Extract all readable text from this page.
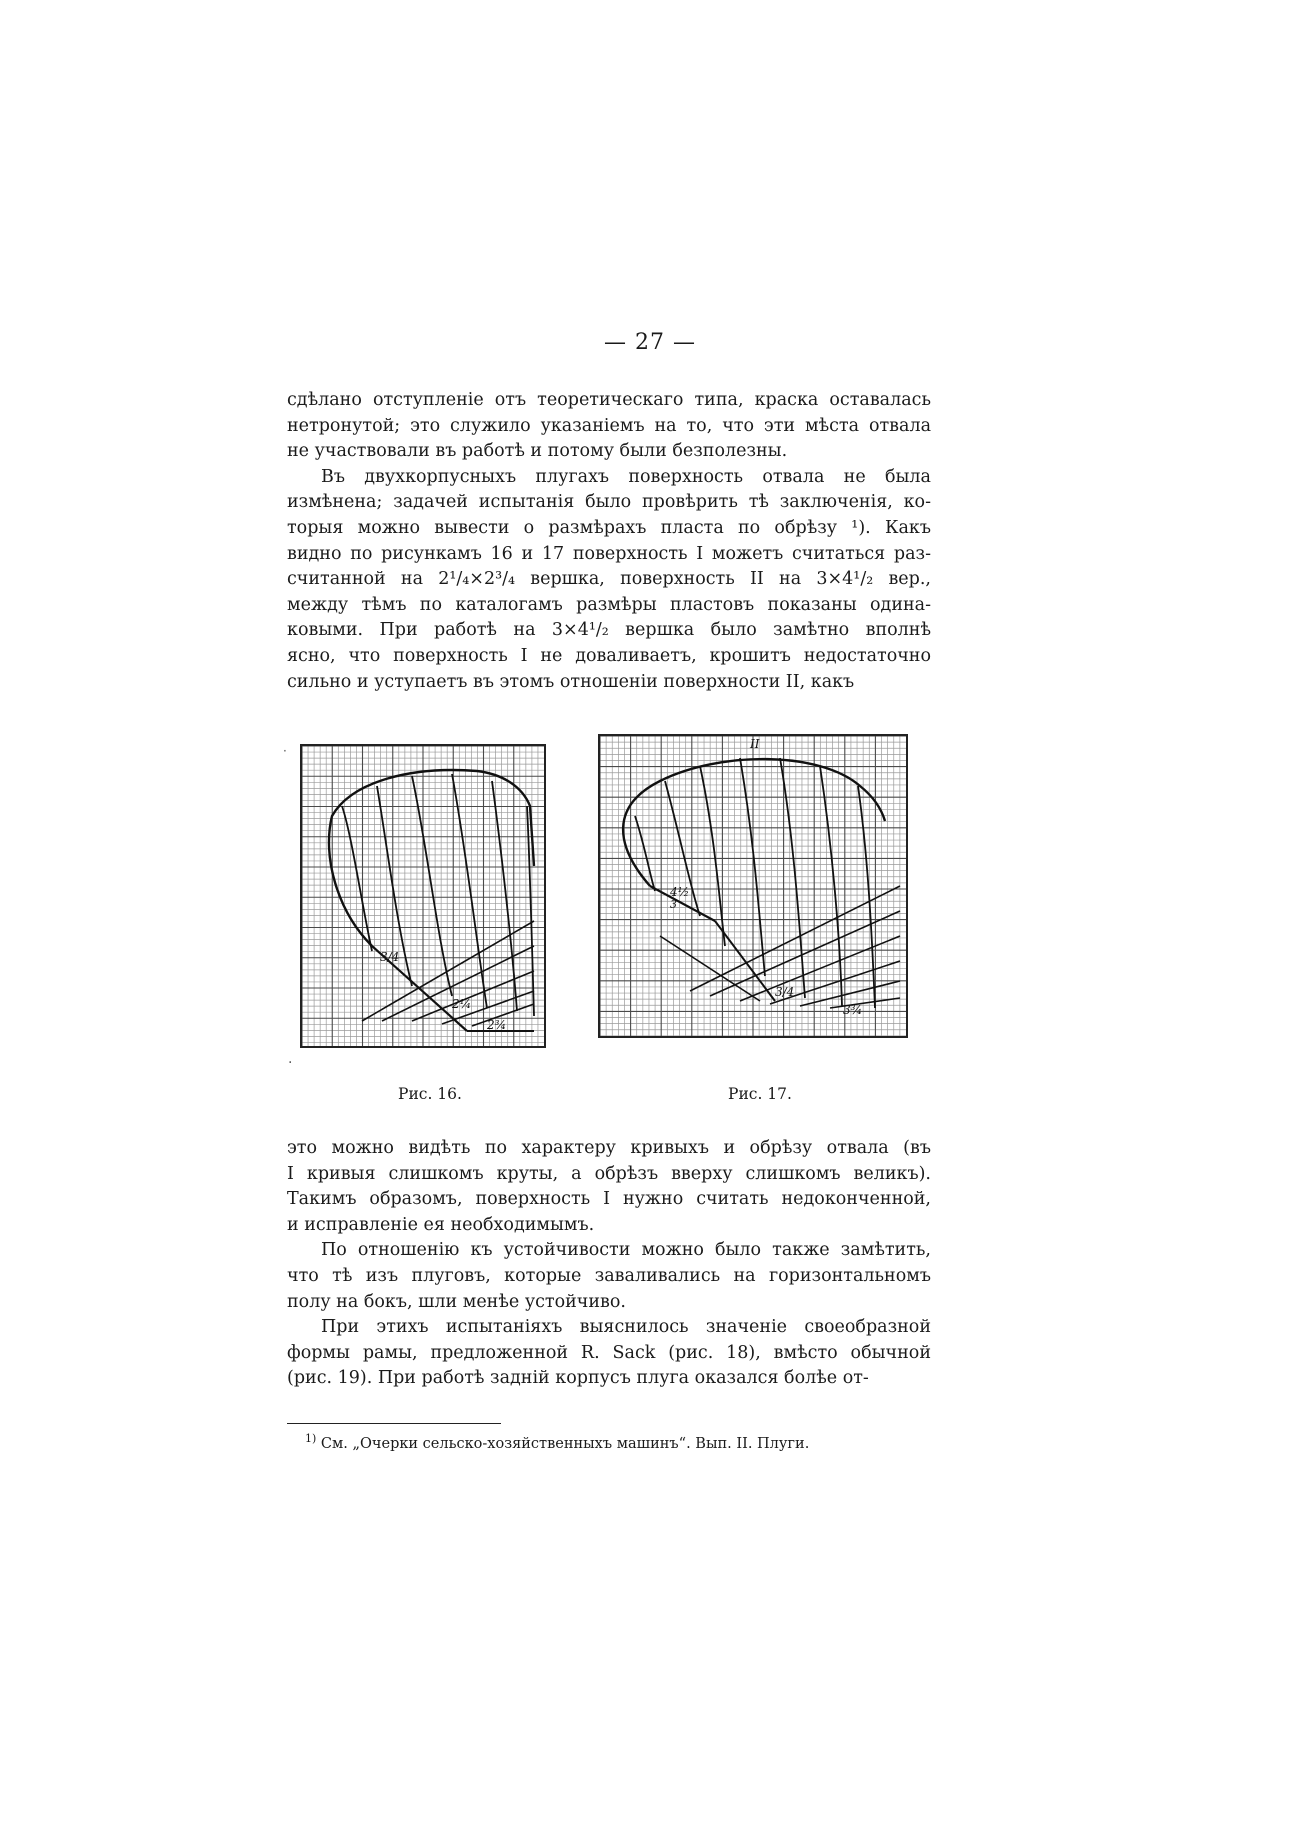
— 27 —

сдѣлано отступленіе отъ теоретическаго типа, краска оставалась

нетронутой; это служило указаніемъ на то, что эти мѣста отвала

не участвовали въ работѣ и потому были безполезны.

Въ двухкорпусныхъ плугахъ поверхность отвала не была

измѣнена; задачей испытанія было провѣрить тѣ заключенія, ко-

торыя можно вывести о размѣрахъ пласта по обрѣзу ¹). Какъ

видно по рисункамъ 16 и 17 поверхность I можетъ считаться раз-

считанной на 2¹/₄×2³/₄ вершка, поверхность II на 3×4¹/₂ вер.,

между тѣмъ по каталогамъ размѣры пластовъ показаны одина-

ковыми. При работѣ на 3×4¹/₂ вершка было замѣтно вполнѣ

ясно, что поверхность I не доваливаетъ, крошитъ недостаточно

сильно и уступаетъ въ этомъ отношеніи поверхности II, какъ

3/4
2¼
2¾
Рис. 16.
II
4½
3
3/4
3¾
Рис. 17.

это можно видѣть по характеру кривыхъ и обрѣзу отвала (въ

I кривыя слишкомъ круты, а обрѣзъ вверху слишкомъ великъ).

Такимъ образомъ, поверхность I нужно считать недоконченной,

и исправленіе ея необходимымъ.

По отношенію къ устойчивости можно было также замѣтить,

что тѣ изъ плуговъ, которые заваливались на горизонтальномъ

полу на бокъ, шли менѣе устойчиво.

При этихъ испытаніяхъ выяснилось значеніе своеобразной

формы рамы, предложенной R. Sack (рис. 18), вмѣсто обычной

(рис. 19). При работѣ задній корпусъ плуга оказался болѣе от-

$^{1)}$ См. „Очерки сельско-хозяйственныхъ машинъ“. Вып. II. Плуги.
·
·
